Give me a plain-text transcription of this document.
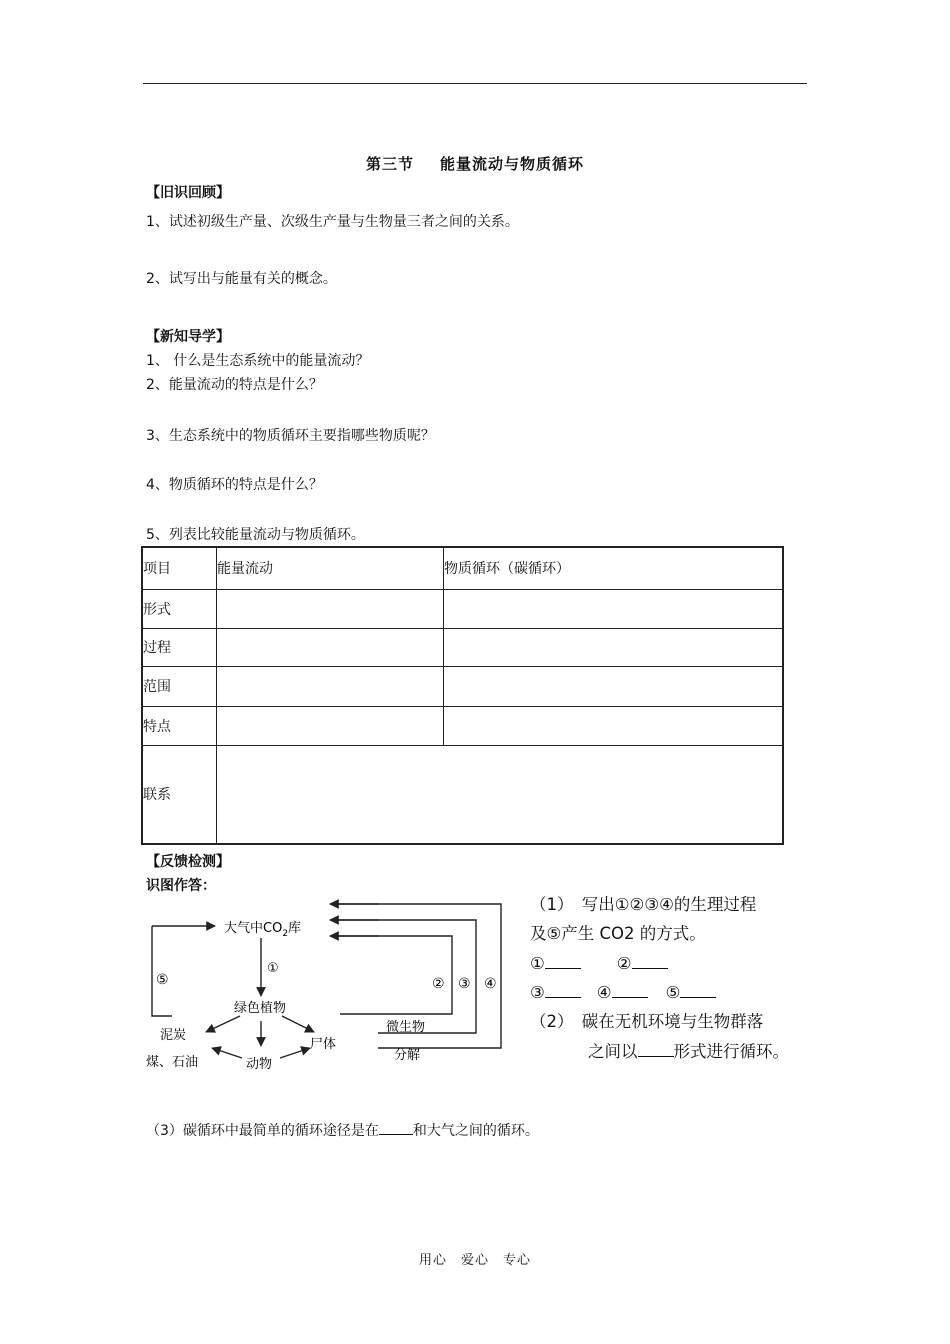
第三节 能量流动与物质循环
【旧识回顾】
1、试述初级生产量、次级生产量与生物量三者之间的关系。
2、试写出与能量有关的概念。
【新知导学】
1、 什么是生态系统中的能量流动？
2、能量流动的特点是什么？
3、生态系统中的物质循环主要指哪些物质呢？
4、物质循环的特点是什么？
5、列表比较能量流动与物质循环。
项目	能量流动	物质循环（碳循环）
形式		
过程		
范围		
特点		
联系		
【反馈检测】
识图作答：
大气中$CO_2$库
①
绿色植物
泥炭
煤、石油	动物
尸体
微生物
分解
⑤	② ③ ④
（1）　写出①②③④的生理过程
及⑤产生 CO2 的方式。
①	②
③	④	⑤
（2）　碳在无机环境与生物群落
之间以 形式进行循环。
（3）碳循环中最简单的循环途径是在 和大气之间的循环。
用心　爱心　专心
